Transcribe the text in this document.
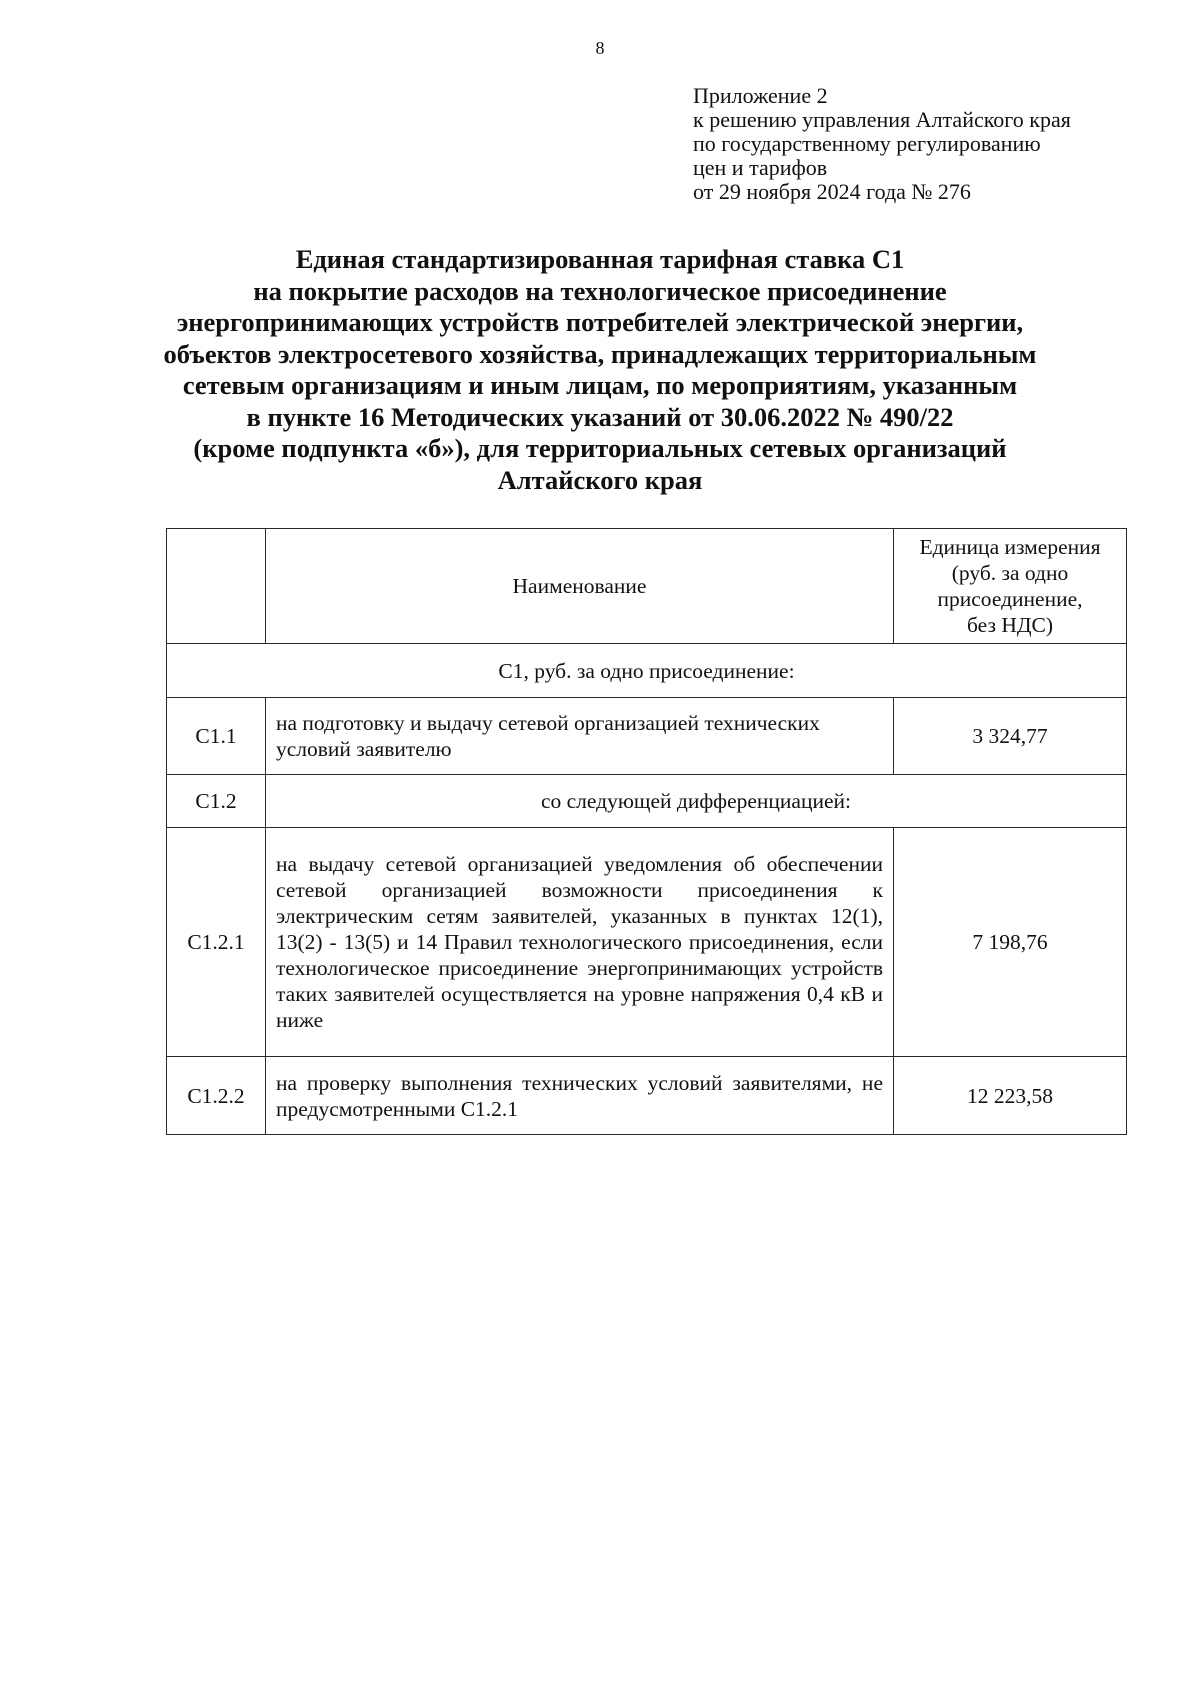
8
Приложение 2
к решению управления Алтайского края
по государственному регулированию
цен и тарифов
от 29 ноября 2024 года № 276
Единая стандартизированная тарифная ставка С1
на покрытие расходов на технологическое присоединение
энергопринимающих устройств потребителей электрической энергии,
объектов электросетевого хозяйства, принадлежащих территориальным
сетевым организациям и иным лицам, по мероприятиям, указанным
в пункте 16 Методических указаний от 30.06.2022 № 490/22
(кроме подпункта «б»), для территориальных сетевых организаций
Алтайского края
	Наименование	Единица измерения
(руб. за одно
присоединение,
без НДС)

С1, руб. за одно присоединение:		
С1.1	на подготовку и выдачу сетевой организацией технических условий заявителю	3 324,77
С1.2	со следующей дифференциацией:	
С1.2.1	на выдачу сетевой организацией уведомления об обеспечении сетевой организацией возможности присоединения к электрическим сетям заявителей, указанных в пунктах 12(1), 13(2) - 13(5) и 14 Правил технологического присоединения, если технологическое присоединение энергопринимающих устройств таких заявителей осуществляется на уровне напряжения 0,4 кВ и ниже	7 198,76
С1.2.2	на проверку выполнения технических условий заявителями, не предусмотренными С1.2.1	12 223,58
